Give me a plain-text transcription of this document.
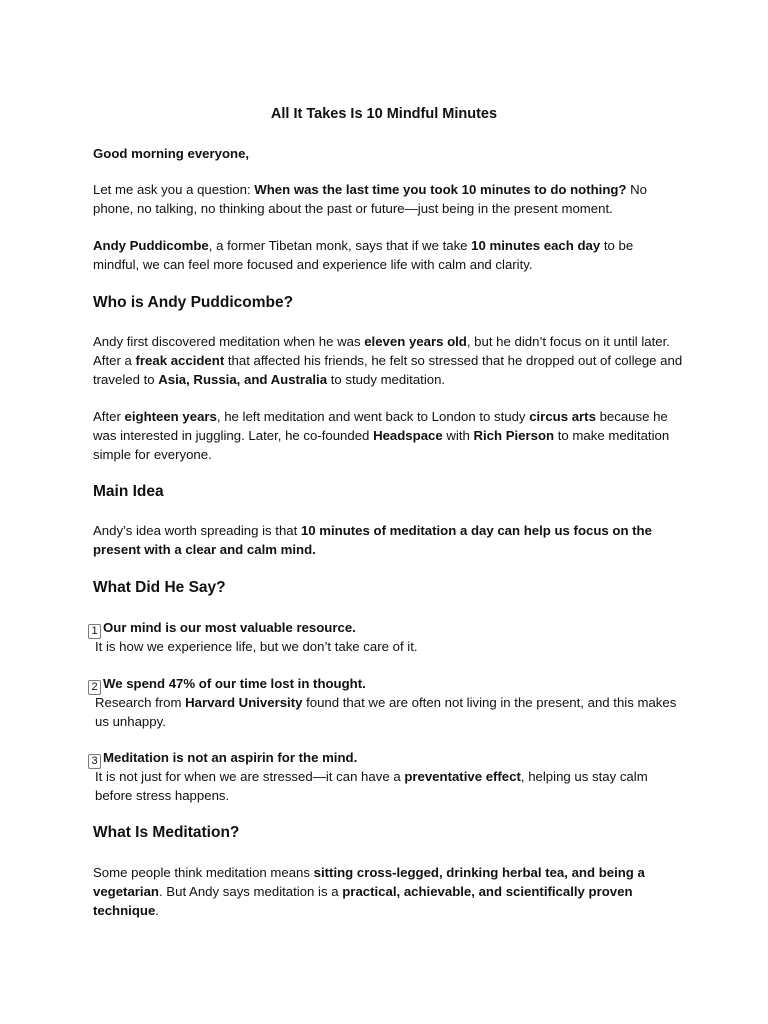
All It Takes Is 10 Mindful Minutes

Good morning everyone,

Let me ask you a question: When was the last time you took 10 minutes to do nothing? No phone, no talking, no thinking about the past or future—just being in the present moment.

Andy Puddicombe, a former Tibetan monk, says that if we take 10 minutes each day to be mindful, we can feel more focused and experience life with calm and clarity.

Who is Andy Puddicombe?

Andy first discovered meditation when he was eleven years old, but he didn’t focus on it until later. After a freak accident that affected his friends, he felt so stressed that he dropped out of college and traveled to Asia, Russia, and Australia to study meditation.

After eighteen years, he left meditation and went back to London to study circus arts because he was interested in juggling. Later, he co-founded Headspace with Rich Pierson to make meditation simple for everyone.

Main Idea

Andy’s idea worth spreading is that 10 minutes of meditation a day can help us focus on the present with a clear and calm mind.

What Did He Say?

1 Our mind is our most valuable resource.

It is how we experience life, but we don’t take care of it.

2 We spend 47% of our time lost in thought.

Research from Harvard University found that we are often not living in the present, and this makes us unhappy.

3 Meditation is not an aspirin for the mind.

It is not just for when we are stressed—it can have a preventative effect, helping us stay calm before stress happens.

What Is Meditation?

Some people think meditation means sitting cross-legged, drinking herbal tea, and being a vegetarian. But Andy says meditation is a practical, achievable, and scientifically proven technique.
